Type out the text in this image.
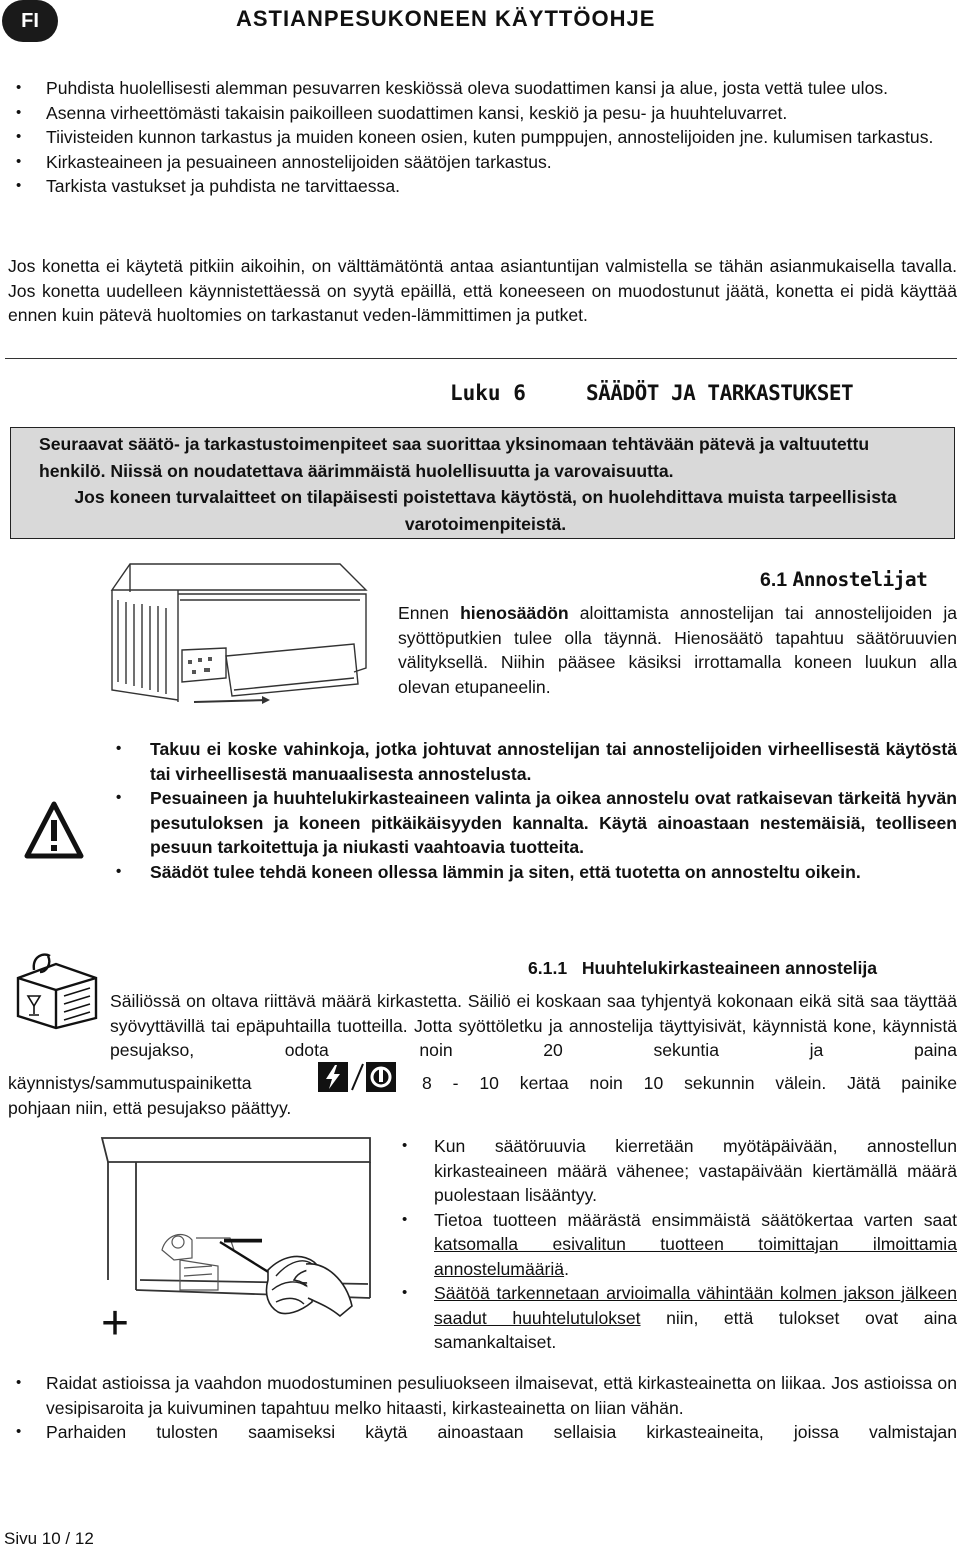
FI	ASTIANPESUKONEEN KÄYTTÖOHJE
• Puhdista huolellisesti alemman pesuvarren keskiössä oleva suodattimen kansi ja alue, josta vettä tulee ulos.
• Asenna virheettömästi takaisin paikoilleen suodattimen kansi, keskiö ja pesu- ja huuhteluvarret.
• Tiivisteiden kunnon tarkastus ja muiden koneen osien, kuten pumppujen, annostelijoiden jne. kulumisen tarkastus.
• Kirkasteaineen ja pesuaineen annostelijoiden säätöjen tarkastus.
• Tarkista vastukset ja puhdista ne tarvittaessa.

Jos konetta ei käytetä pitkiin aikoihin, on välttämätöntä antaa asiantuntijan valmistella se tähän asianmukaisella tavalla. Jos konetta uudelleen käynnistettäessä on syytä epäillä, että koneeseen on muodostunut jäätä, konetta ei pidä käyttää ennen kuin pätevä huoltomies on tarkastanut veden-lämmittimen ja putket.

Luku 6	SÄÄDÖT JA TARKASTUKSET
Seuraavat säätö- ja tarkastustoimenpiteet saa suorittaa yksinomaan tehtävään pätevä ja valtuutettu henkilö. Niissä on noudatettava äärimmäistä huolellisuutta ja varovaisuutta.
Jos koneen turvalaitteet on tilapäisesti poistettava käytöstä, on huolehdittava muista tarpeellisista varotoimenpiteistä.
6.1 Annostelijat

Ennen hienosäädön aloittamista annostelijan tai annostelijoiden ja syöttöputkien tulee olla täynnä. Hienosäätö tapahtuu säätöruuvien välityksellä. Niihin pääsee käsiksi irrottamalla koneen luukun alla olevan etupaneelin.

• Takuu ei koske vahinkoja, jotka johtuvat annostelijan tai annostelijoiden virheellisestä käytöstä tai virheellisestä manuaalisesta annostelusta.
• Pesuaineen ja huuhtelukirkasteaineen valinta ja oikea annostelu ovat ratkaisevan tärkeitä hyvän pesutuloksen ja koneen pitkäikäisyyden kannalta. Käytä ainoastaan nestemäisiä, teolliseen pesuun tarkoitettuja ja niukasti vaahtoavia tuotteita.
• Säädöt tulee tehdä koneen ollessa lämmin ja siten, että tuotetta on annosteltu oikein.
6.1.1 Huuhtelukirkasteaineen annostelija

Säiliössä on oltava riittävä määrä kirkastetta. Säiliö ei koskaan saa tyhjentyä kokonaan eikä sitä saa täyttää syövyttävillä tai epäpuhtailla tuotteilla. Jotta syöttöletku ja annostelija täyttyisivät, käynnistä kone, käynnistä pesujakso, odota noin 20 sekuntia ja paina

käynnistys/sammutuspainiketta	8 - 10 kertaa noin 10 sekunnin välein. Jätä painike
pohjaan niin, että pesujakso päättyy.
—
+
• Kun säätöruuvia kierretään myötäpäivään, annostellun kirkasteaineen määrä vähenee; vastapäivään kiertämällä määrä puolestaan lisääntyy.
• Tietoa tuotteen määrästä ensimmäistä säätökertaa varten saat katsomalla esivalitun tuotteen toimittajan ilmoittamia annostelumääriä.
• Säätöä tarkennetaan arvioimalla vähintään kolmen jakson jälkeen saadut huuhtelutulokset niin, että tulokset ovat aina samankaltaiset.
• Raidat astioissa ja vaahdon muodostuminen pesuliuokseen ilmaisevat, että kirkasteainetta on liikaa. Jos astioissa on vesipisaroita ja kuivuminen tapahtuu melko hitaasti, kirkasteainetta on liian vähän.
• Parhaiden tulosten saamiseksi käytä ainoastaan sellaisia kirkasteaineita, joissa valmistajan
Sivu 10 / 12
